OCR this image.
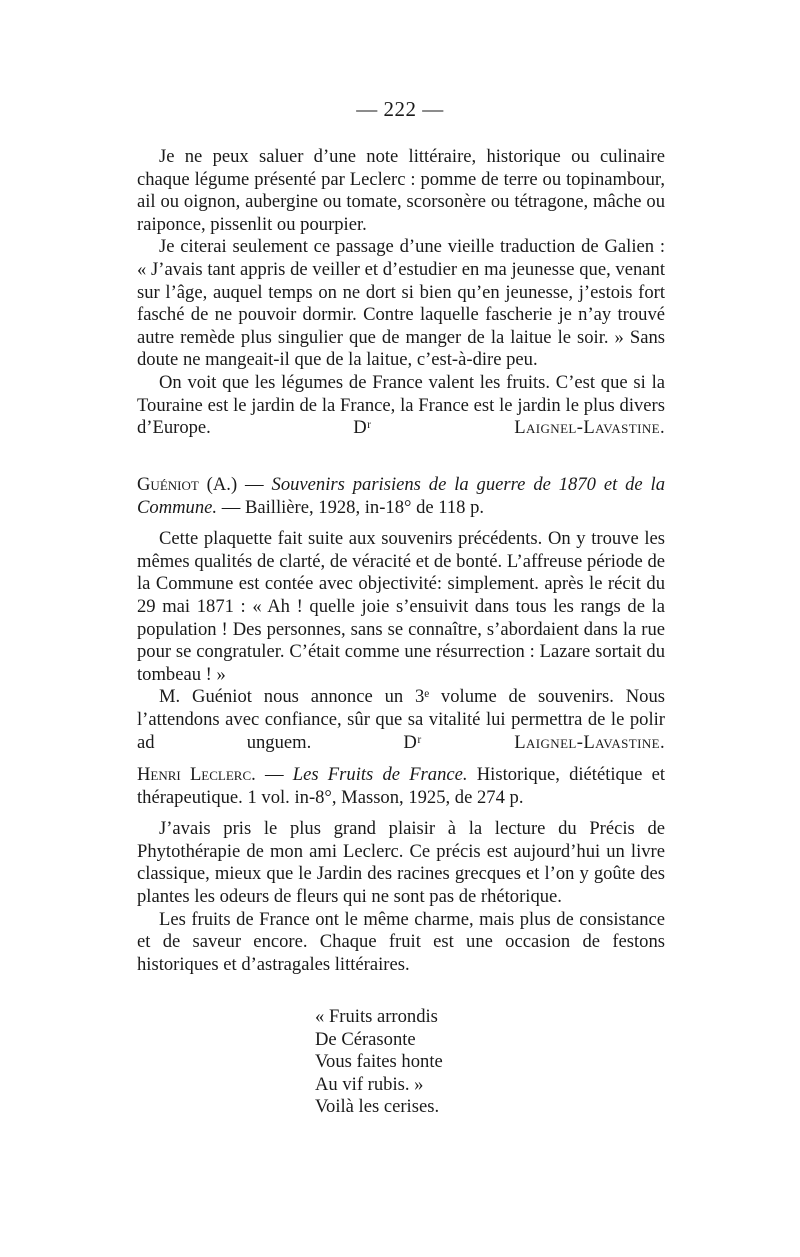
— 222 —

Je ne peux saluer d’une note littéraire, historique ou culinaire chaque légume présenté par Leclerc : pomme de terre ou topinambour, ail ou oignon, aubergine ou tomate, scorsonère ou tétragone, mâche ou raiponce, pissenlit ou pourpier.

Je citerai seulement ce passage d’une vieille traduction de Galien : « J’avais tant appris de veiller et d’estudier en ma jeunesse que, venant sur l’âge, auquel temps on ne dort si bien qu’en jeunesse, j’estois fort fasché de ne pouvoir dormir. Contre laquelle fascherie je n’ay trouvé autre remède plus singulier que de manger de la laitue le soir. » Sans doute ne mangeait-il que de la laitue, c’est-à-dire peu.

On voit que les légumes de France valent les fruits. C’est que si la Touraine est le jardin de la France, la France est le jardin le plus divers d’Europe.	Dʳ Laignel-Lavastine.

Guéniot (A.) — Souvenirs parisiens de la guerre de 1870 et de la Commune. — Baillière, 1928, in-18° de 118 p.

Cette plaquette fait suite aux souvenirs précédents. On y trouve les mêmes qualités de clarté, de véracité et de bonté. L’affreuse période de la Commune est contée avec objectivité: simplement. après le récit du 29 mai 1871 : « Ah ! quelle joie s’ensuivit dans tous les rangs de la population ! Des personnes, sans se connaître, s’abordaient dans la rue pour se congratuler. C’était comme une résurrection : Lazare sortait du tombeau ! »

M. Guéniot nous annonce un 3ᵉ volume de souvenirs. Nous l’attendons avec confiance, sûr que sa vitalité lui permettra de le polir ad unguem.	Dʳ Laignel-Lavastine.

Henri Leclerc. — Les Fruits de France. Historique, diététique et thérapeutique. 1 vol. in-8°, Masson, 1925, de 274 p.

J’avais pris le plus grand plaisir à la lecture du Précis de Phytothérapie de mon ami Leclerc. Ce précis est aujourd’hui un livre classique, mieux que le Jardin des racines grecques et l’on y goûte des plantes les odeurs de fleurs qui ne sont pas de rhétorique.

Les fruits de France ont le même charme, mais plus de consistance et de saveur encore. Chaque fruit est une occasion de festons historiques et d’astragales littéraires.

« Fruits arrondis
De Cérasonte
Vous faites honte
Au vif rubis. »
Voilà les cerises.
